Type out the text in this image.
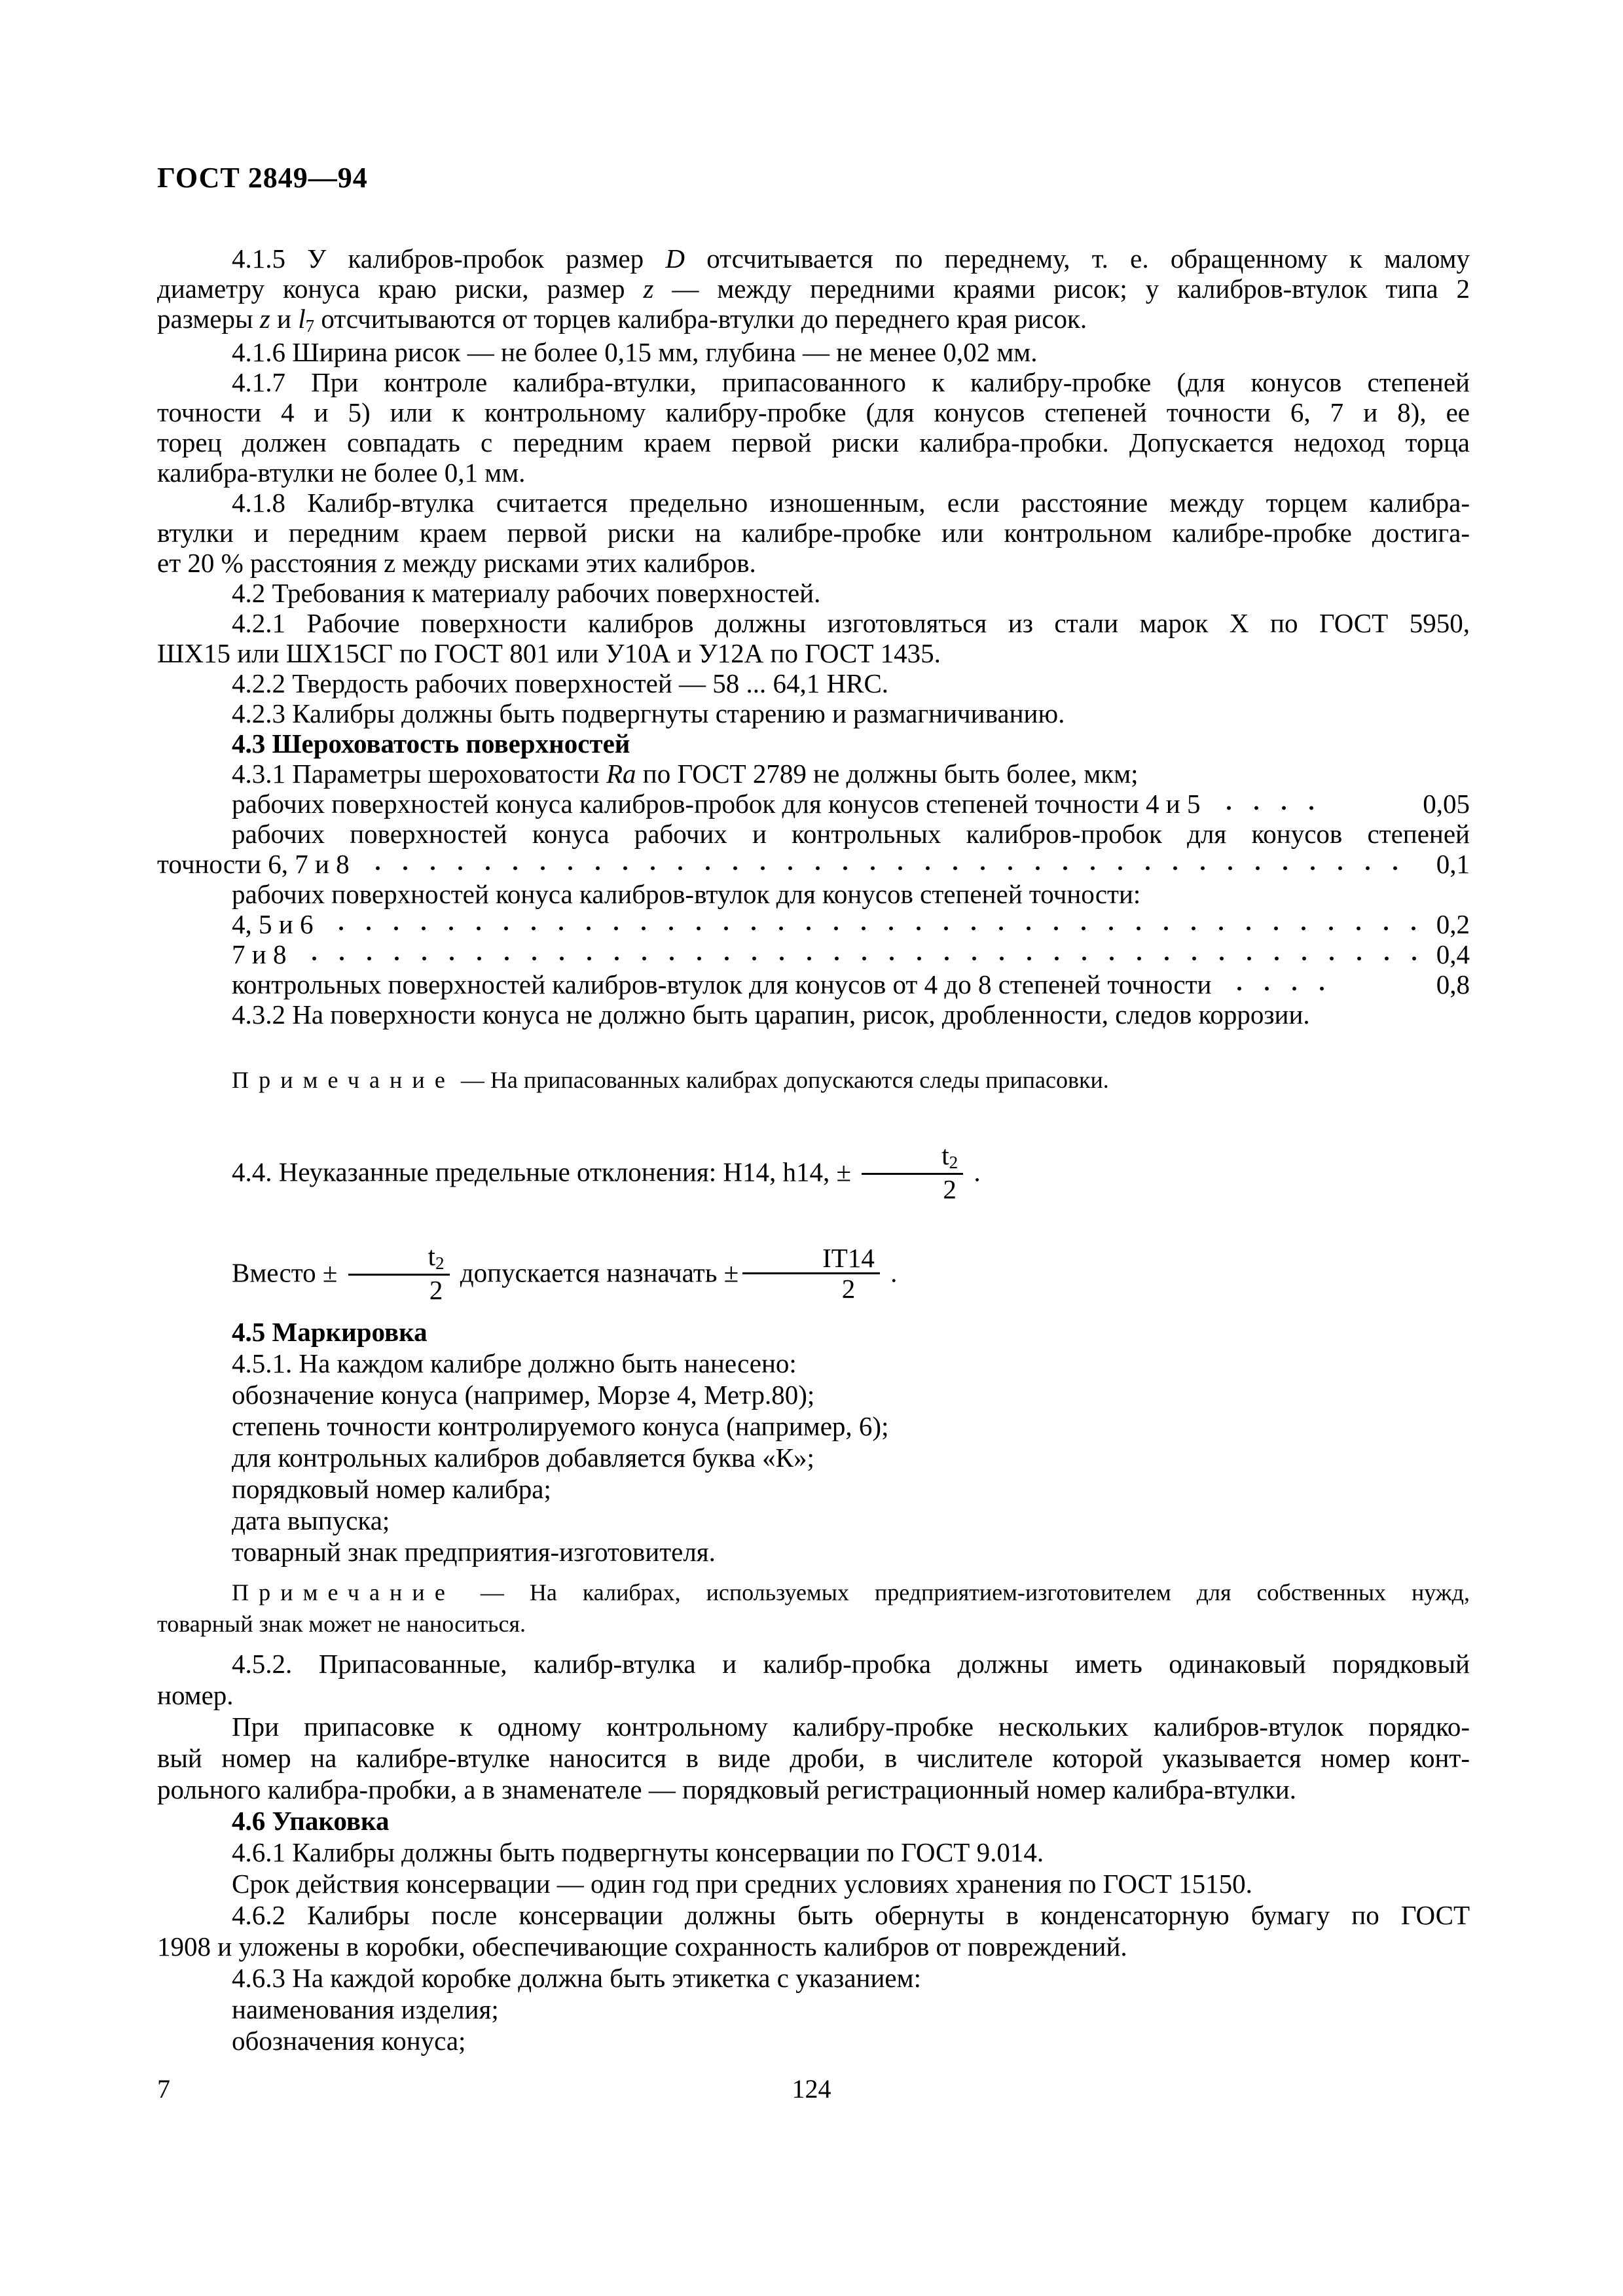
ГОСТ 2849—94
4.1.5 У калибров-пробок размер D отсчитывается по переднему, т. е. обращенному к малому
диаметру конуса краю риски, размер z — между передними краями рисок; у калибров-втулок типа 2
размеры z и l7 отсчитываются от торцев калибра-втулки до переднего края рисок.
4.1.6 Ширина рисок — не более 0,15 мм, глубина — не менее 0,02 мм.
4.1.7 При контроле калибра-втулки, припасованного к калибру-пробке (для конусов степеней
точности 4 и 5) или к контрольному калибру-пробке (для конусов степеней точности 6, 7 и 8), ее
торец должен совпадать с передним краем первой риски калибра-пробки. Допускается недоход торца
калибра-втулки не более 0,1 мм.
4.1.8 Калибр-втулка считается предельно изношенным, если расстояние между торцем калибра-
втулки и передним краем первой риски на калибре-пробке или контрольном калибре-пробке достига-
ет 20 % расстояния z между рисками этих калибров.
4.2 Требования к материалу рабочих поверхностей.
4.2.1 Рабочие поверхности калибров должны изготовляться из стали марок Х по ГОСТ 5950,
ШХ15 или ШХ15СГ по ГОСТ 801 или У10А и У12А по ГОСТ 1435.
4.2.2 Твердость рабочих поверхностей — 58 ... 64,1 HRC.
4.2.3 Калибры должны быть подвергнуты старению и размагничиванию.
4.3 Шероховатость поверхностей
4.3.1 Параметры шероховатости Ra по ГОСТ 2789 не должны быть более, мкм;
рабочих поверхностей конуса калибров-пробок для конусов степеней точности 4 и 5	0,05
рабочих поверхностей конуса рабочих и контрольных калибров-пробок для конусов степеней
точности 6, 7 и 8	0,1
рабочих поверхностей конуса калибров-втулок для конусов степеней точности:
4, 5 и 6	0,2
7 и 8	0,4
контрольных поверхностей калибров-втулок для конусов от 4 до 8 степеней точности	0,8
4.3.2 На поверхности конуса не должно быть царапин, рисок, дробленности, следов коррозии.
Примечание — На припасованных калибрах допускаются следы припасовки.
4.4. Неуказанные предельные отклонения: Н14, h14, ± $\frac{t2}{2}$ .
Вместо ± $\frac{t2}{2}$ допускается назначать ± $\frac{IT14}{2}$ .
4.5 Маркировка
4.5.1. На каждом калибре должно быть нанесено:
обозначение конуса (например, Морзе 4, Метр.80);
степень точности контролируемого конуса (например, 6);
для контрольных калибров добавляется буква «К»;
порядковый номер калибра;
дата выпуска;
товарный знак предприятия-изготовителя.
Примечание — На калибрах, используемых предприятием-изготовителем для собственных нужд,
товарный знак может не наноситься.
4.5.2. Припасованные, калибр-втулка и калибр-пробка должны иметь одинаковый порядковый
номер.
При припасовке к одному контрольному калибру-пробке нескольких калибров-втулок порядко-
вый номер на калибре-втулке наносится в виде дроби, в числителе которой указывается номер конт-
рольного калибра-пробки, а в знаменателе — порядковый регистрационный номер калибра-втулки.
4.6 Упаковка
4.6.1 Калибры должны быть подвергнуты консервации по ГОСТ 9.014.
Срок действия консервации — один год при средних условиях хранения по ГОСТ 15150.
4.6.2 Калибры после консервации должны быть обернуты в конденсаторную бумагу по ГОСТ
1908 и уложены в коробки, обеспечивающие сохранность калибров от повреждений.
4.6.3 На каждой коробке должна быть этикетка с указанием:
наименования изделия;
обозначения конуса;
7	124
